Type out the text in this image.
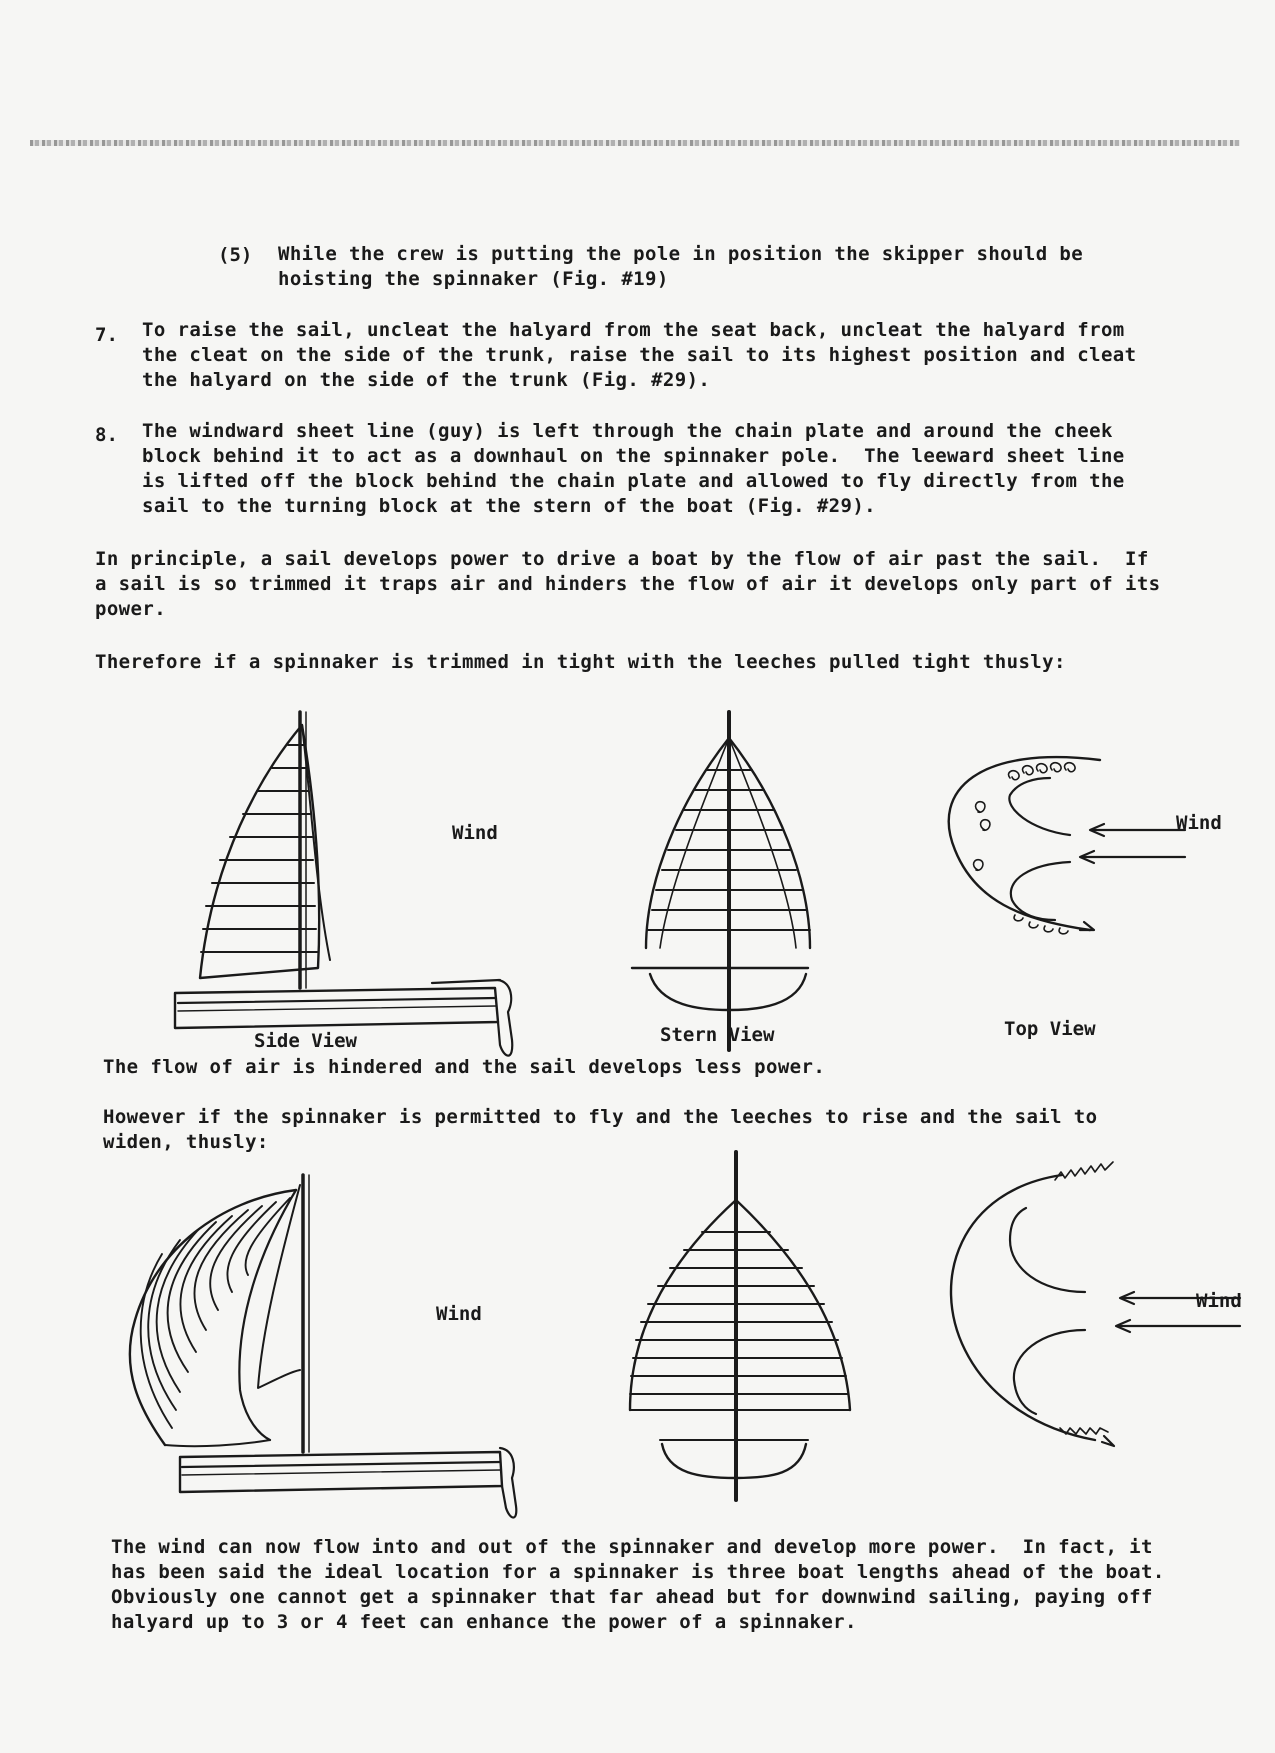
(5) While the crew is putting the pole in position the skipper should be
hoisting the spinnaker (Fig. #19)
7. To raise the sail, uncleat the halyard from the seat back, uncleat the halyard from
the cleat on the side of the trunk, raise the sail to its highest position and cleat
the halyard on the side of the trunk (Fig. #29).
8. The windward sheet line (guy) is left through the chain plate and around the cheek
block behind it to act as a downhaul on the spinnaker pole.  The leeward sheet line
is lifted off the block behind the chain plate and allowed to fly directly from the
sail to the turning block at the stern of the boat (Fig. #29).
In principle, a sail develops power to drive a boat by the flow of air past the sail.  If
a sail is so trimmed it traps air and hinders the flow of air it develops only part of its
power.
Therefore if a spinnaker is trimmed in tight with the leeches pulled tight thusly:
Wind	Wind
Side View	Stern View	Top View
The flow of air is hindered and the sail develops less power.
However if the spinnaker is permitted to fly and the leeches to rise and the sail to
widen, thusly:
Wind
Wind
The wind can now flow into and out of the spinnaker and develop more power.  In fact, it
has been said the ideal location for a spinnaker is three boat lengths ahead of the boat.
Obviously one cannot get a spinnaker that far ahead but for downwind sailing, paying off
halyard up to 3 or 4 feet can enhance the power of a spinnaker.
